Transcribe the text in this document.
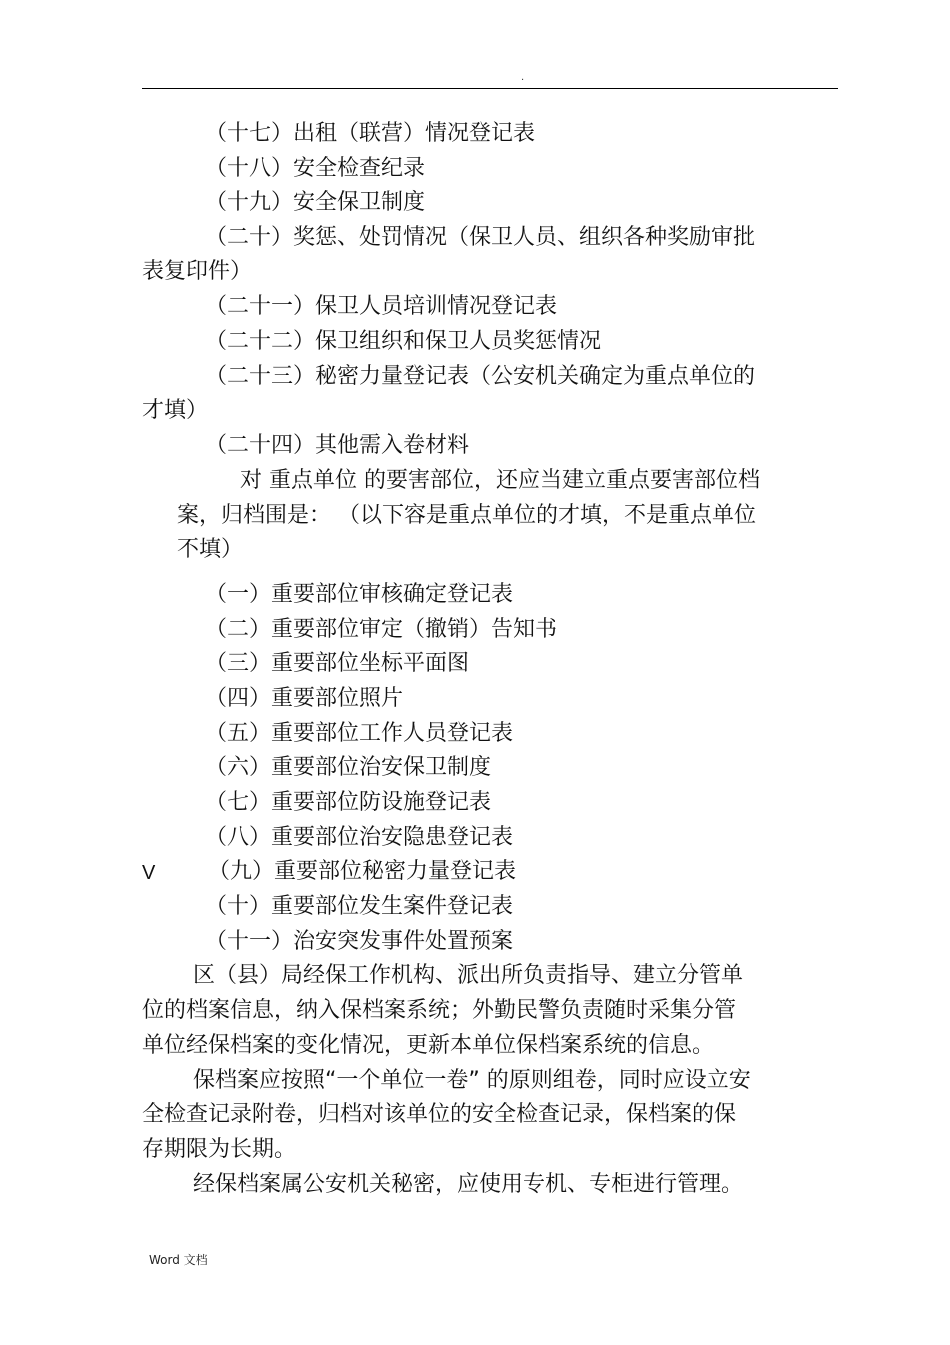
.
（十七）出租（联营）情况登记表
（十八）安全检查纪录
（十九）安全保卫制度
（二十）奖惩、处罚情况（保卫人员、组织各种奖励审批
表复印件）
（二十一）保卫人员培训情况登记表
（二十二）保卫组织和保卫人员奖惩情况
（二十三）秘密力量登记表（公安机关确定为重点单位的
才填）
（二十四）其他需入卷材料
对 重点单位 的要害部位，还应当建立重点要害部位档
案，归档围是： （以下容是重点单位的才填，不是重点单位
不填）
（一）重要部位审核确定登记表
（二）重要部位审定（撤销）告知书
（三）重要部位坐标平面图
（四）重要部位照片
（五）重要部位工作人员登记表
（六）重要部位治安保卫制度
（七）重要部位防设施登记表
（八）重要部位治安隐患登记表
V （九）重要部位秘密力量登记表
（十）重要部位发生案件登记表
（十一）治安突发事件处置预案
区（县）局经保工作机构、派出所负责指导、建立分管单
位的档案信息，纳入保档案系统；外勤民警负责随时采集分管
单位经保档案的变化情况，更新本单位保档案系统的信息。
保档案应按照“一个单位一卷” 的原则组卷，同时应设立安
全检查记录附卷，归档对该单位的安全检查记录，保档案的保
存期限为长期。
经保档案属公安机关秘密，应使用专机、专柜进行管理。
Word 文档
